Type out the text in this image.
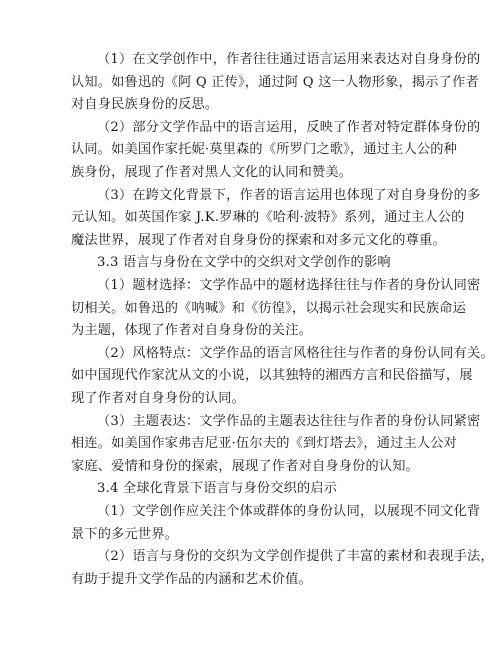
（1）在文学创作中，作者往往通过语言运用来表达对自身身份的
认知。如鲁迅的《阿 Q 正传》，通过阿 Q 这一人物形象，揭示了作者
对自身民族身份的反思。
（2）部分文学作品中的语言运用，反映了作者对特定群体身份的
认同。如美国作家托妮·莫里森的《所罗门之歌》，通过主人公的种
族身份，展现了作者对黑人文化的认同和赞美。
（3）在跨文化背景下，作者的语言运用也体现了对自身身份的多
元认知。如英国作家 J.K.罗琳的《哈利·波特》系列，通过主人公的
魔法世界，展现了作者对自身身份的探索和对多元文化的尊重。
3.3 语言与身份在文学中的交织对文学创作的影响
（1）题材选择：文学作品中的题材选择往往与作者的身份认同密
切相关。如鲁迅的《呐喊》和《彷徨》，以揭示社会现实和民族命运
为主题，体现了作者对自身身份的关注。
（2）风格特点：文学作品的语言风格往往与作者的身份认同有关。
如中国现代作家沈从文的小说，以其独特的湘西方言和民俗描写，展
现了作者对自身身份的认同。
（3）主题表达：文学作品的主题表达往往与作者的身份认同紧密
相连。如美国作家弗吉尼亚·伍尔夫的《到灯塔去》，通过主人公对
家庭、爱情和身份的探索，展现了作者对自身身份的认知。
3.4 全球化背景下语言与身份交织的启示
（1）文学创作应关注个体或群体的身份认同，以展现不同文化背
景下的多元世界。
（2）语言与身份的交织为文学创作提供了丰富的素材和表现手法，
有助于提升文学作品的内涵和艺术价值。
